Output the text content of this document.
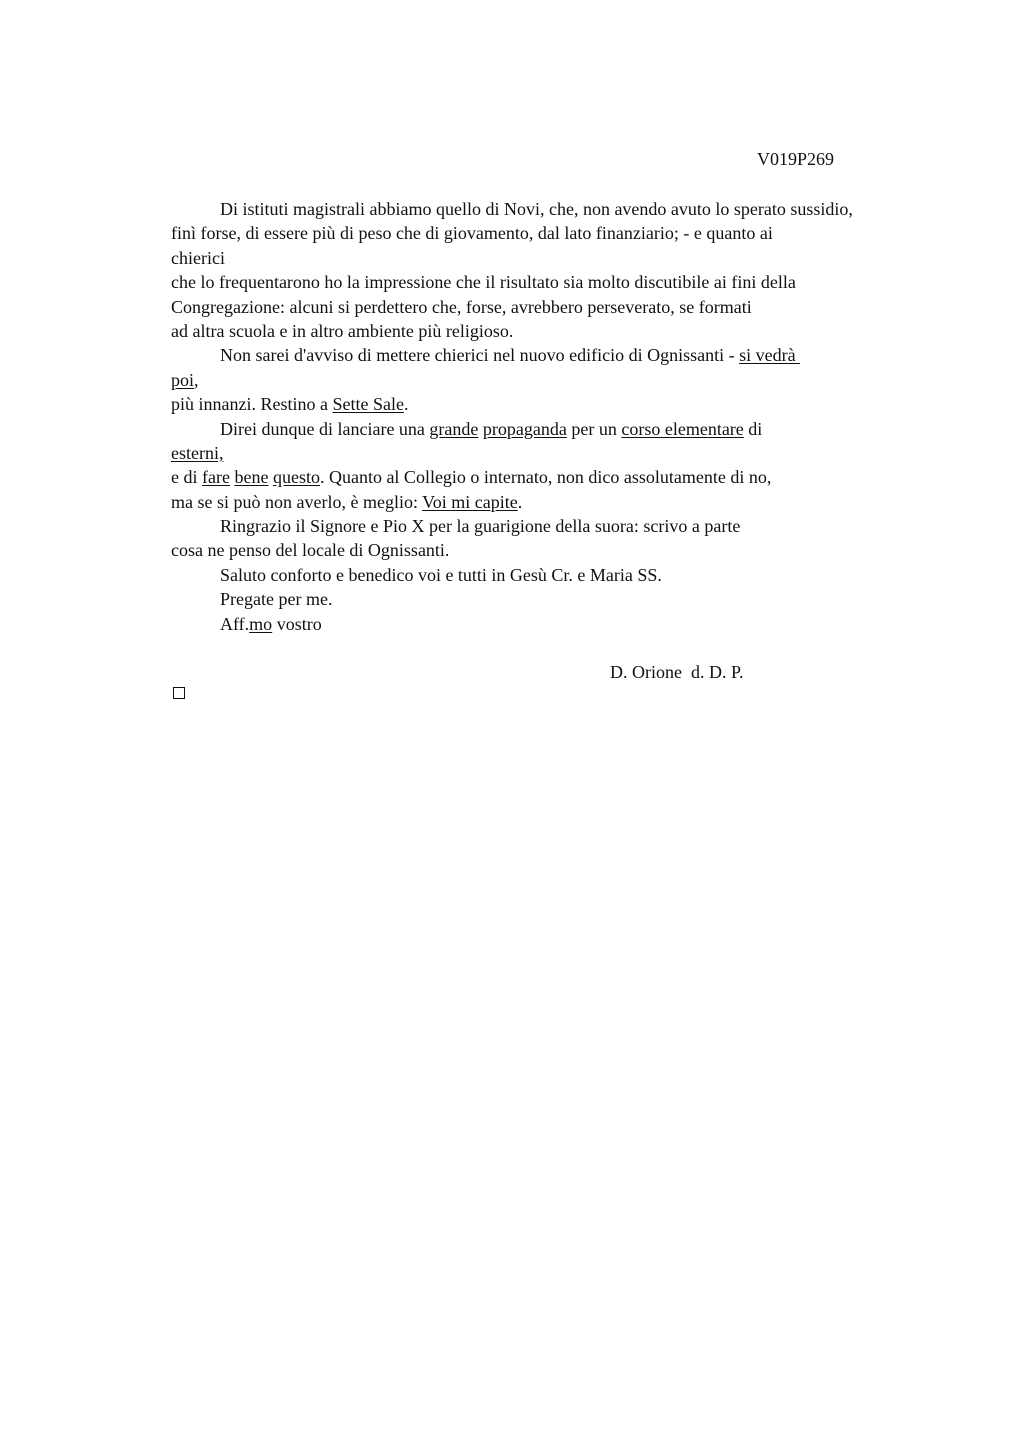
V019P269
Di istituti magistrali abbiamo quello di Novi, che, non avendo avuto lo sperato sussidio,
finì forse, di essere più di peso che di giovamento, dal lato finanziario; - e quanto ai
chierici
che lo frequentarono ho la impressione che il risultato sia molto discutibile ai fini della
Congregazione: alcuni si perdettero che, forse, avrebbero perseverato, se formati
ad altra scuola e in altro ambiente più religioso.
Non sarei d'avviso di mettere chierici nel nuovo edificio di Ognissanti - si vedrà
poi,
più innanzi. Restino a Sette Sale.
Direi dunque di lanciare una grande propaganda per un corso elementare di
esterni,
e di fare bene questo. Quanto al Collegio o internato, non dico assolutamente di no,
ma se si può non averlo, è meglio: Voi mi capite.
Ringrazio il Signore e Pio X per la guarigione della suora: scrivo a parte
cosa ne penso del locale di Ognissanti.
Saluto conforto e benedico voi e tutti in Gesù Cr. e Maria SS.
Pregate per me.
Aff.mo vostro
D. Orione  d. D. P.
